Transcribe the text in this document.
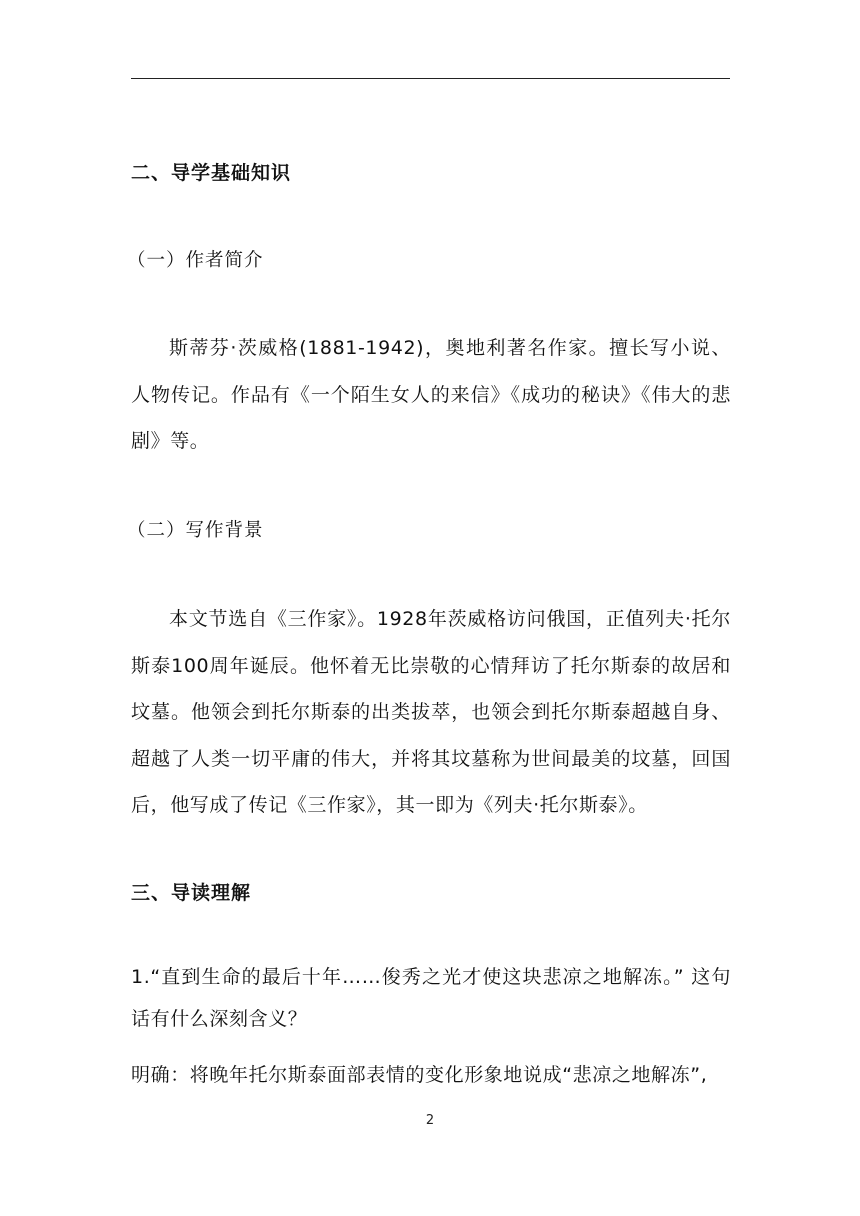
二、导学基础知识
（一）作者简介
斯蒂芬·茨威格(1881-1942)，奥地利著名作家。擅长写小说、人物传记。作品有《一个陌生女人的来信》《成功的秘诀》《伟大的悲剧》等。
（二）写作背景
本文节选自《三作家》。1928年茨威格访问俄国，正值列夫·托尔斯泰100周年诞辰。他怀着无比崇敬的心情拜访了托尔斯泰的故居和坟墓。他领会到托尔斯泰的出类拔萃，也领会到托尔斯泰超越自身、超越了人类一切平庸的伟大，并将其坟墓称为世间最美的坟墓，回国后，他写成了传记《三作家》，其一即为《列夫·托尔斯泰》。
三、导读理解
1.“直到生命的最后十年……俊秀之光才使这块悲凉之地解冻。” 这句话有什么深刻含义？
明确：将晚年托尔斯泰面部表情的变化形象地说成“悲凉之地解冻”,
2
